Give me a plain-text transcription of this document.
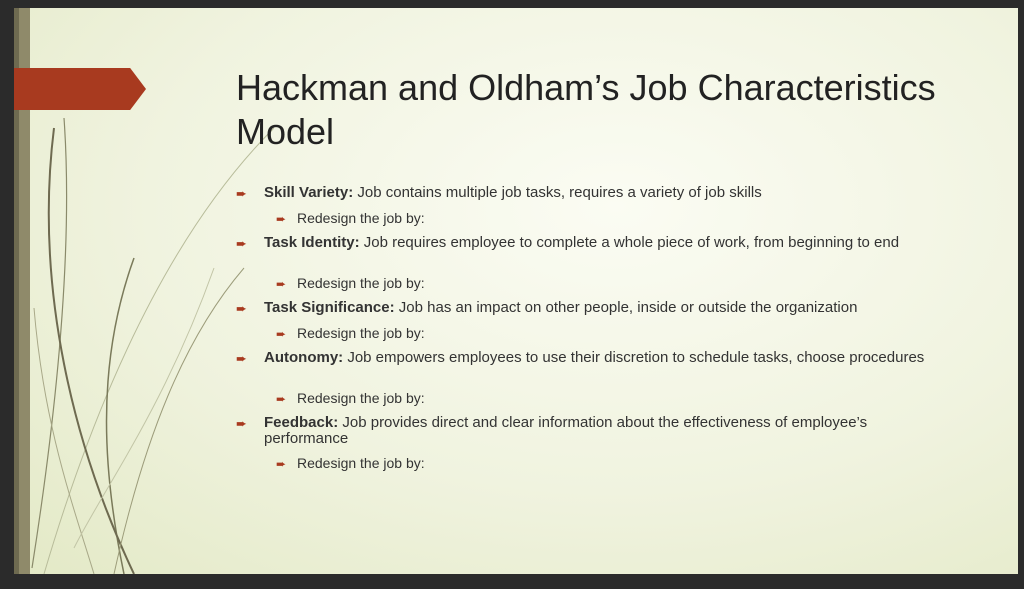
Hackman and Oldham’s Job Characteristics Model
➨ Skill Variety: Job contains multiple job tasks, requires a variety of job skills
➨ Redesign the job by:
➨ Task Identity: Job requires employee to complete a whole piece of work, from beginning to end
➨ Redesign the job by:
➨ Task Significance: Job has an impact on other people, inside or outside the organization
➨ Redesign the job by:
➨ Autonomy: Job empowers employees to use their discretion to schedule tasks, choose procedures
➨ Redesign the job by:
➨ Feedback: Job provides direct and clear information about the effectiveness of employee’s performance
➨ Redesign the job by:
